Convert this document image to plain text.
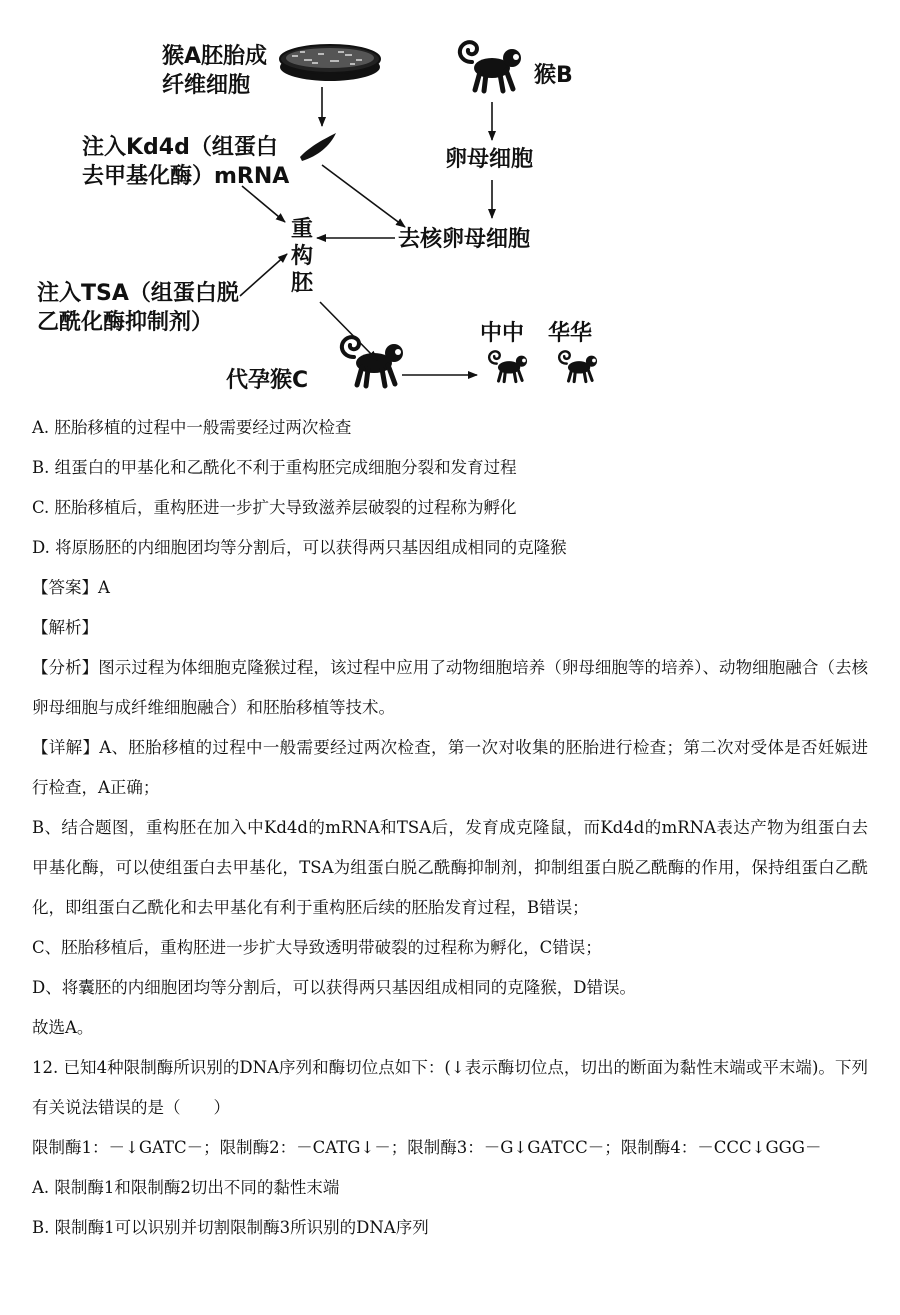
猴A胚胎成纤维细胞	猴B
注入Kd4d（组蛋白去甲基化酶）mRNA
卵母细胞
重构胚
去核卵母细胞
注入TSA（组蛋白脱乙酰化酶抑制剂）
代孕猴C
中中 华华
A. 胚胎移植的过程中一般需要经过两次检查
B. 组蛋白的甲基化和乙酰化不利于重构胚完成细胞分裂和发育过程
C. 胚胎移植后，重构胚进一步扩大导致滋养层破裂的过程称为孵化
D. 将原肠胚的内细胞团均等分割后，可以获得两只基因组成相同的克隆猴
【答案】A
【解析】
【分析】图示过程为体细胞克隆猴过程，该过程中应用了动物细胞培养（卵母细胞等的培养）、动物细胞融合（去核卵母细胞与成纤维细胞融合）和胚胎移植等技术。
【详解】A、胚胎移植的过程中一般需要经过两次检查，第一次对收集的胚胎进行检查；第二次对受体是否妊娠进行检查，A正确；
B、结合题图，重构胚在加入中Kd4d的mRNA和TSA后，发育成克隆鼠，而Kd4d的mRNA表达产物为组蛋白去甲基化酶，可以使组蛋白去甲基化，TSA为组蛋白脱乙酰酶抑制剂，抑制组蛋白脱乙酰酶的作用，保持组蛋白乙酰化，即组蛋白乙酰化和去甲基化有利于重构胚后续的胚胎发育过程，B错误；
C、胚胎移植后，重构胚进一步扩大导致透明带破裂的过程称为孵化，C错误；
D、将囊胚的内细胞团均等分割后，可以获得两只基因组成相同的克隆猴，D错误。
故选A。
12. 已知4种限制酶所识别的DNA序列和酶切位点如下：(↓表示酶切位点，切出的断面为黏性末端或平末端)。下列有关说法错误的是（　　）
限制酶1：－↓GATC－；限制酶2：－CATG↓－；限制酶3：－G↓GATCC－；限制酶4：－CCC↓GGG－
A. 限制酶1和限制酶2切出不同的黏性末端
B. 限制酶1可以识别并切割限制酶3所识别的DNA序列
